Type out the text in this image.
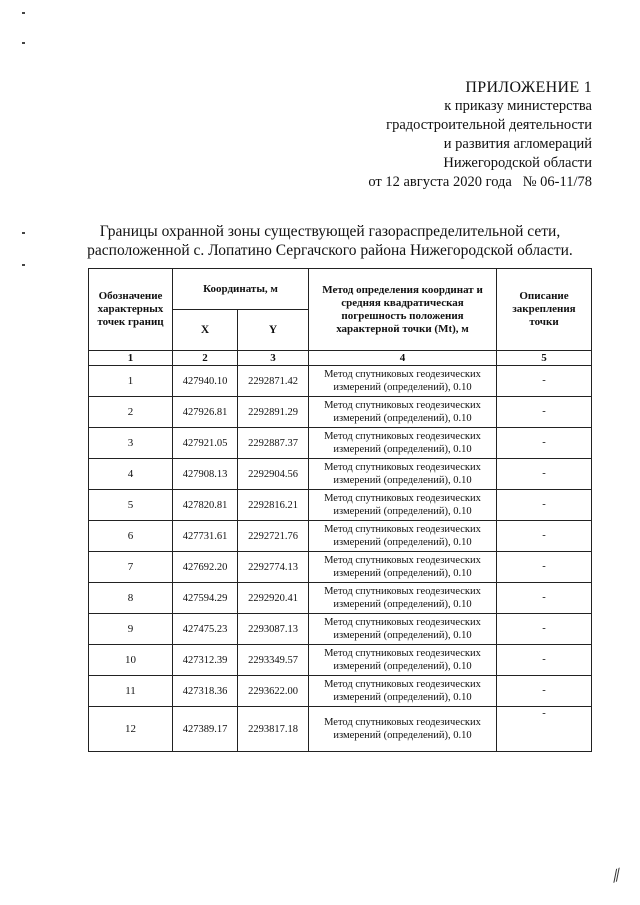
ПРИЛОЖЕНИЕ 1
к приказу министерства
градостроительной деятельности
и развития агломераций
Нижегородской области
от 12 августа 2020 года   № 06-11/78
Границы охранной зоны существующей газораспределительной сети,
расположенной с. Лопатино Сергачского района Нижегородской области.
Обозначение характерных точек границ	Координаты, м		Метод определения координат и средняя квадратическая погрешность положения характерной точки (Mt), м	Описание закрепления точки
	X	Y		
1	2	3	4	5
1	427940.10	2292871.42	Метод спутниковых геодезических измерений (определений), 0.10	-

2	427926.81	2292891.29	Метод спутниковых геодезических измерений (определений), 0.10	-

3	427921.05	2292887.37	Метод спутниковых геодезических измерений (определений), 0.10	-

4	427908.13	2292904.56	Метод спутниковых геодезических измерений (определений), 0.10	-

5	427820.81	2292816.21	Метод спутниковых геодезических измерений (определений), 0.10	-

6	427731.61	2292721.76	Метод спутниковых геодезических измерений (определений), 0.10	-

7	427692.20	2292774.13	Метод спутниковых геодезических измерений (определений), 0.10	-

8	427594.29	2292920.41	Метод спутниковых геодезических измерений (определений), 0.10	-

9	427475.23	2293087.13	Метод спутниковых геодезических измерений (определений), 0.10	-

10	427312.39	2293349.57	Метод спутниковых геодезических измерений (определений), 0.10	-

11	427318.36	2293622.00	Метод спутниковых геодезических измерений (определений), 0.10	-

12	427389.17	2293817.18	Метод спутниковых геодезических измерений (определений), 0.10	-
⁄⁄
